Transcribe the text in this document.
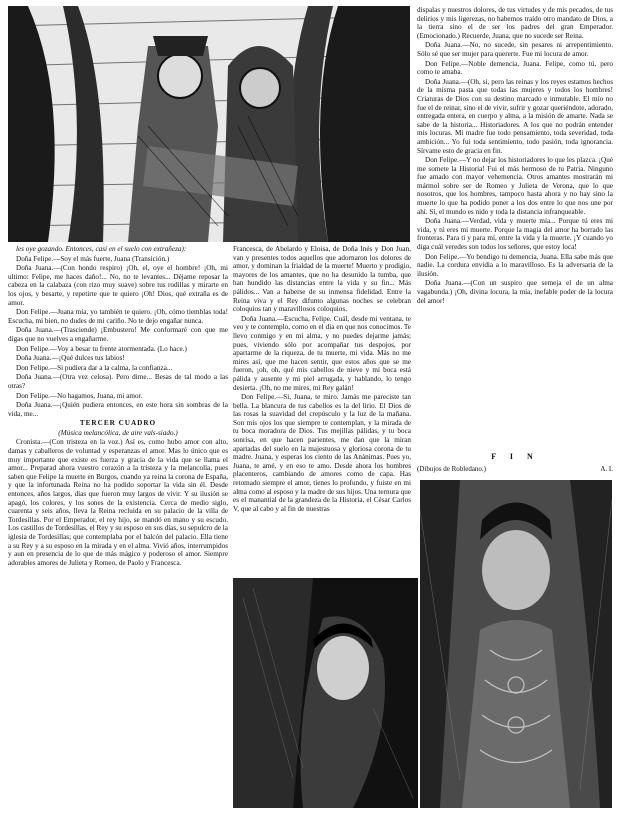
les oye gozando. Entonces, casi en el suelo con extrañeza):

Doña Felipe.—Soy el más fuerte, Juana (Transición.)

Doña Juana.—(Con hondo respiro) ¡Oh, el, oye el hombre! ¡Oh, mi ultimo: Felipe, me haces daño!... No, no te levantes... Déjame reposar la cabeza en la calabaza (con rizo muy suave) sobre tus rodillas y mirarte en los ojos, y besarte, y repetirte que te quiero ¡Oh! Dios, qué extraña es de amor.

Don Felipe.—Juana mía, yo también te quiero. ¡Oh, cómo tiemblas toda! Escucha, mi bien, no dudes de mi cariño. No te dejo engañar nunca.

Doña Juana.—(Trasciende) ¡Embustero! Me conformaré con que me digas que no vuelves a engañarme.

Don Felipe.—Voy a besar tu frente atormentada. (Lo hace.)

Doña Juana.—¡Qué dulces tus labios!

Don Felipe.—Si pudiera dar a la calma, la confianza...

Doña Juana.—(Otra vez celosa). Pero dime... Besas de tal modo a las otras?

Don Felipe.—No hagamos, Juana, mi amor.

Doña Juana.—¡Quién pudiera entonces, en este hora sin sombras de la vida, me...

TERCER CUADRO

(Música melancólica, de aire vals-siado.)

Cronista.—(Con tristeza en la voz.) Así es, como hubo amor con alto, damas y caballeros de voluntad y esperanzas el amor. Mas lo único que es muy importante que existe es fuerza y gracia de la vida que se llama el amor... Preparad ahora vuestro corazón a la tristeza y la melancolía, pues saben que Felipe la muerte en Burgos, cuando ya reina la corona de España, y que la infortunada Reina no ha podido soportar la vida sin él. Desde entonces, años largos, días que fueron muy largos de vivir. Y su ilusión se apagó, los colores, y los sones de la existencia. Cerca de medio siglo, cuarenta y seis años, lleva la Reina recluida en su palacio de la villa de Tordesillas. Por el Emperador, el rey hijo, se mandó en mano y su escudo. Los castillos de Tordesillas, el Rey y su esposo en sus días, su sepulcro de la iglesia de Tordesillas; que contemplaba por el balcón del palacio. Ella tiene a su Rey y a su esposo en la mirada y en el alma. Vivió años, interrumpidos y aun en presencia de lo que de más mágico y poderoso el amor. Siempre adorables amores de Julieta y Romeo, de Paolo y Francesca.

Francesca, de Abelardo y Eloisa, de Doña Inés y Don Juan, van y presentes todos aquellos que adornaron los dolores de amor, y dominan la frialdad de la muerte! Muerto y prodigio, mayores de los amantes, que no ha desunido la tumba, que han hundido las distancias entre la vida y su fin... Más pálidos... Van a haberse de su inmensa fidelidad. Entre la Reina viva y el Rey difunto algunas noches se celebran coloquios tan y maravillosos coloquios.

Doña Juana.—Escucha, Felipe. Cuál, desde mi ventana, te veo y te contemplo, como en el día en que nos conocimos. Te llevo conmigo y en mi alma, y no puedes dejarme jamás; pues, viviendo sólo por acompañar tus despojos, por apartarme de la riqueza, de tu muerte, mi vida. Más no me mires así, que me hacen sentir, que estos años que se me fueron, ¡oh, oh, qué mis cabellos de nieve y mi boca está pálida y ausente y mi piel arrugada, y hablando, lo tengo desierta. ¡Oh, no me mires, mi Rey galán!

Don Felipe.—Si, Juana, te miro. Jamás me pareciste tan bella. La blancura de tus cabellos es la del lirio. El Dios de las rosas la suavidad del crepúsculo y la luz de la mañana. Son mis ojos los que siempre te contemplan, y la mirada de tu boca moradora de Dios. Tus mejillas pálidas, y tu boca sonrisa, en que hacen parientes, me dan que la miran apartadas del suelo en la majestuosa y gloriosa corona de tu madre. Juana, y esperas los ciento de las Anánimas. Pues yo, Juana, te amé, y en eso te amo. Desde ahora los hombres placenteros, cambiando de amores como de capa. Has retomado siempre el amor, tienes lo profundo, y fuiste en mi alma como al esposo y la madre de sus hijos. Una ternura que es el manantial de la grandeza de la Historia, el César Carlos V, que al cabo y al fin de nuestras

dispalas y nuestros dolores, de tus virtudes y de mis pecados, de tus delirios y mis ligerezas, no habemos traído otro mandato de Dios, a la tierra sino el de ser los padres del gran Emperador. (Emocionado.) Recuerde, Juana, que no sucede ser Reina.

Doña Juana.—No, no sucede, sin pesares ni arrepentimiento. Sólo sé que ser mujer para quererte. Fue mi locura de amor.

Don Felipe.—Noble demencia, Juana. Felipe, como tú, pero como te amaba.

Doña Juana.—(Oh, si, pero las reinas y los reyes estamos hechos de la misma pasta que todas las mujeres y todos los hombres! Criaturas de Dios con su destino marcado e inmutable. El mío no fue el de reinar, sino el de vivir, sufrir y gozar queriéndote, adorado, entregada entera, en cuerpo y alma, a la misión de amarte. Nada se sabe de la historia... Historiadores. A los que no podrán entender mis locuras. Mi madre fue todo pensamiento, toda severidad, toda ambición... Yo fui toda sentimiento, todo pasión, toda ignorancia. Sírvame esto de gracia en fin.

Don Felipe.—Y no dejar los historiadores lo que les plazca. ¡Qué me somete la Historia! Fui el más hermoso de tu Patria. Ninguno fue amado con mayor vehemencia. Otros amantes mostrarán mi mármol sobre ser de Romeo y Julieta de Verona, que lo que nosotros, que los hombres, tampoco hasta ahora y no hay sino la muerte lo que ha podido poner a los dos entre lo que nos une por ahí. Sí, el mundo es nido y toda la distancia infranqueable.

Doña Juana.—Verdad, vida y muerte mía... Porque tú eres mi vida, y tú eres mi muerte. Porque la magia del amor ha borrado las fronteras. Para ti y para mí, entre la vida y la muerte. ¡Y cuando yo diga cuál veredes son todos los señores, que estoy loca!

Don Felipe.—Yo bendigo tu demencia, Juana. Ella sabe más que nadie. La cordura envidia a lo maravilloso. Es la adversaria de la ilusión.

Doña Juana.—(Con un suspiro que semeja el de un alma vagabunda.) ¡Oh, divina locura, la mía, inefable poder de la locura del amor!

F I N
(Dibujos de Robledano.)	A. I.
